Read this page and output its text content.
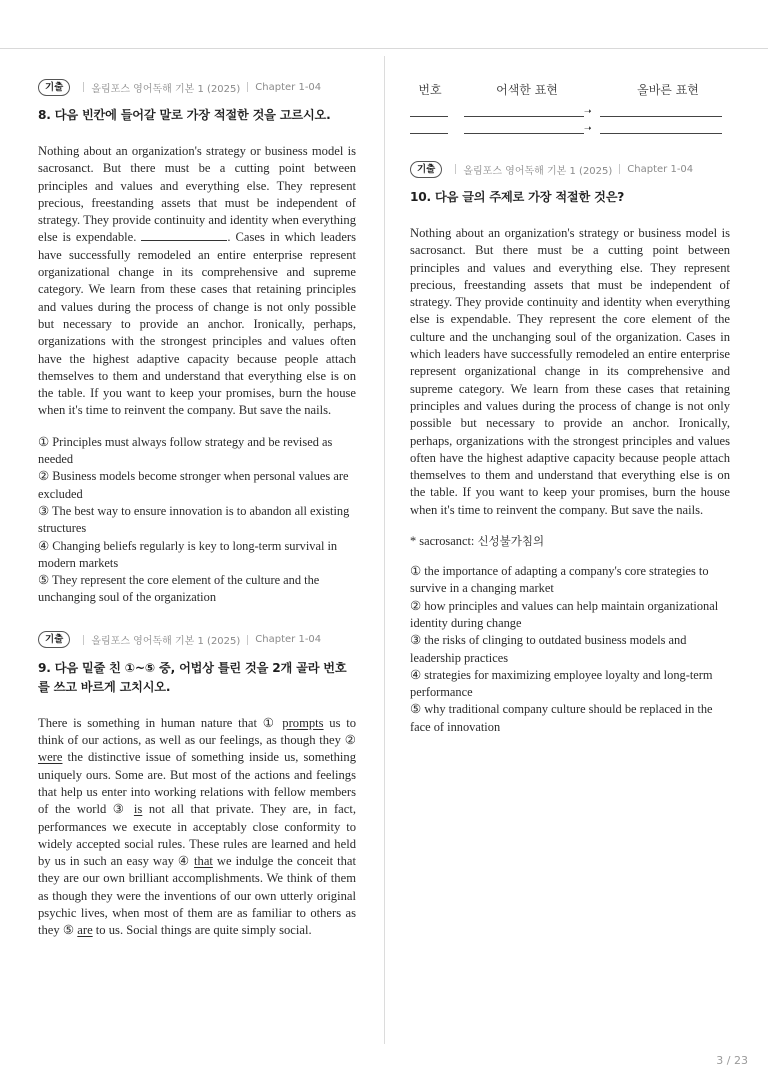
기출	올림포스 영어독해 기본 1 (2025) Chapter 1-04
8. 다음 빈칸에 들어갈 말로 가장 적절한 것을 고르시오.

Nothing about an organization's strategy or business model is sacrosanct. But there must be a cutting point between principles and values and everything else. They represent precious, freestanding assets that must be independent of strategy. They provide continuity and identity when everything else is expendable.	. Cases in which leaders have successfully remodeled an entire enterprise represent organizational change in its comprehensive and supreme category. We learn from these cases that retaining principles and values during the process of change is not only possible but necessary to provide an anchor. Ironically, perhaps, organizations with the strongest principles and values often have the highest adaptive capacity because people attach themselves to them and understand that everything else is on the table. If you want to keep your promises, burn the house when it's time to reinvent the company. But save the nails.

① Principles must always follow strategy and be revised as needed

② Business models become stronger when personal values are excluded

③ The best way to ensure innovation is to abandon all existing structures

④ Changing beliefs regularly is key to long-term survival in modern markets

⑤ They represent the core element of the culture and the unchanging soul of the organization

기출	올림포스 영어독해 기본 1 (2025) Chapter 1-04
9. 다음 밑줄 친 ①~⑤ 중, 어법상 틀린 것을 2개 골라 번호를 쓰고 바르게 고치시오.

There is something in human nature that ① prompts us to think of our actions, as well as our feelings, as though they ② were the distinctive issue of something inside us, something uniquely ours. Some are. But most of the actions and feelings that help us enter into working relations with fellow members of the world ③ is not all that private. They are, in fact, performances we execute in acceptably close conformity to widely accepted social rules. These rules are learned and held by us in such an easy way ④ that we indulge the conceit that they are our own brilliant accomplishments. We think of them as though they were the inventions of our own utterly original psychic lives, when most of them are as familiar to others as they ⑤ are to us. Social things are quite simply social.

번호	어색한 표현	올바른 표현
➝
➝
기출	올림포스 영어독해 기본 1 (2025) Chapter 1-04
10. 다음 글의 주제로 가장 적절한 것은?

Nothing about an organization's strategy or business model is sacrosanct. But there must be a cutting point between principles and values and everything else. They represent precious, freestanding assets that must be independent of strategy. They provide continuity and identity when everything else is expendable. They represent the core element of the culture and the unchanging soul of the organization. Cases in which leaders have successfully remodeled an entire enterprise represent organizational change in its comprehensive and supreme category. We learn from these cases that retaining principles and values during the process of change is not only possible but necessary to provide an anchor. Ironically, perhaps, organizations with the strongest principles and values often have the highest adaptive capacity because people attach themselves to them and understand that everything else is on the table. If you want to keep your promises, burn the house when it's time to reinvent the company. But save the nails.

* sacrosanct: 신성불가침의

① the importance of adapting a company's core strategies to survive in a changing market

② how principles and values can help maintain organizational identity during change

③ the risks of clinging to outdated business models and leadership practices

④ strategies for maximizing employee loyalty and long-term performance

⑤ why traditional company culture should be replaced in the face of innovation

3 / 23
